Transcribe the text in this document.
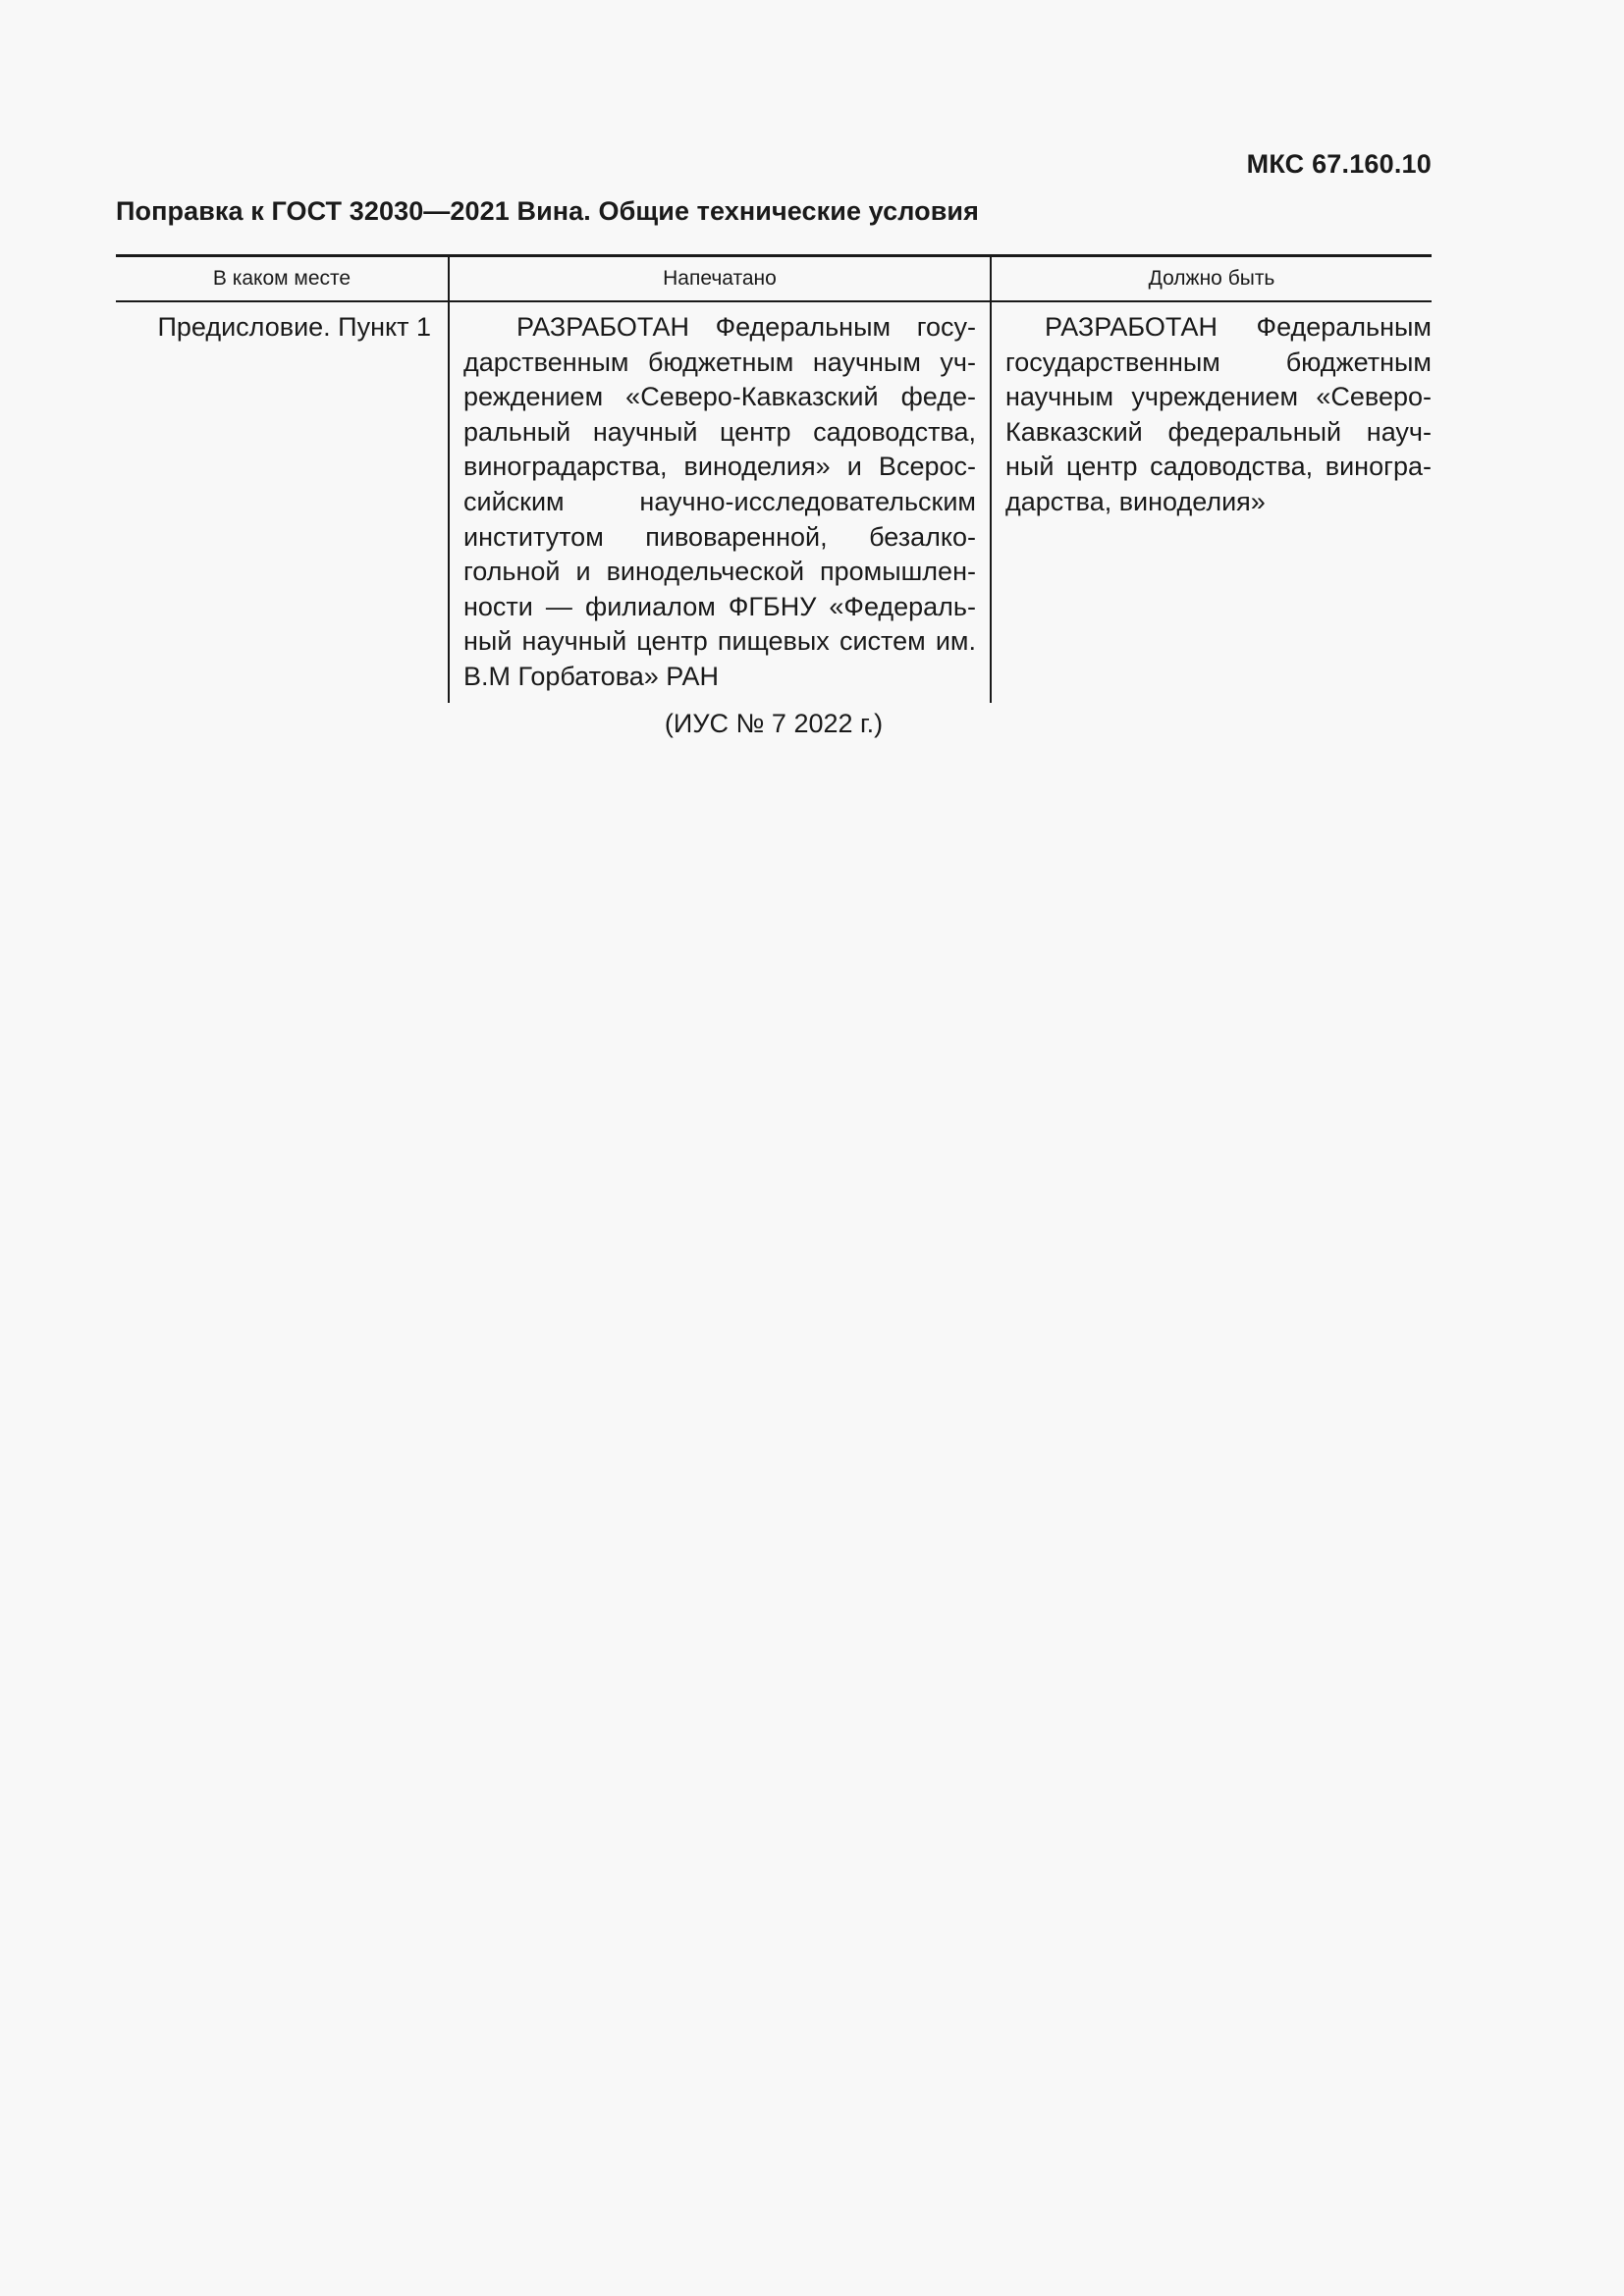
МКС 67.160.10
Поправка к ГОСТ 32030—2021 Вина. Общие технические условия
В каком месте	Напечатано	Должно быть
Предисловие. Пункт 1	РАЗРАБОТАН Федеральным государственным бюджетным научным учреждением «Северо-Кавказский федеральный научный центр садоводства, виноградарства, виноделия» и Всероссийским научно-исследовательским институтом пивоваренной, безалкогольной и винодельческой промышленности — филиалом ФГБНУ «Федеральный научный центр пищевых систем им. В.М Горбатова» РАН	РАЗРАБОТАН Федеральным государственным бюджетным научным учреждением «Северо-Кавказский федеральный научный центр садоводства, виноградарства, виноделия»
(ИУС № 7 2022 г.)
